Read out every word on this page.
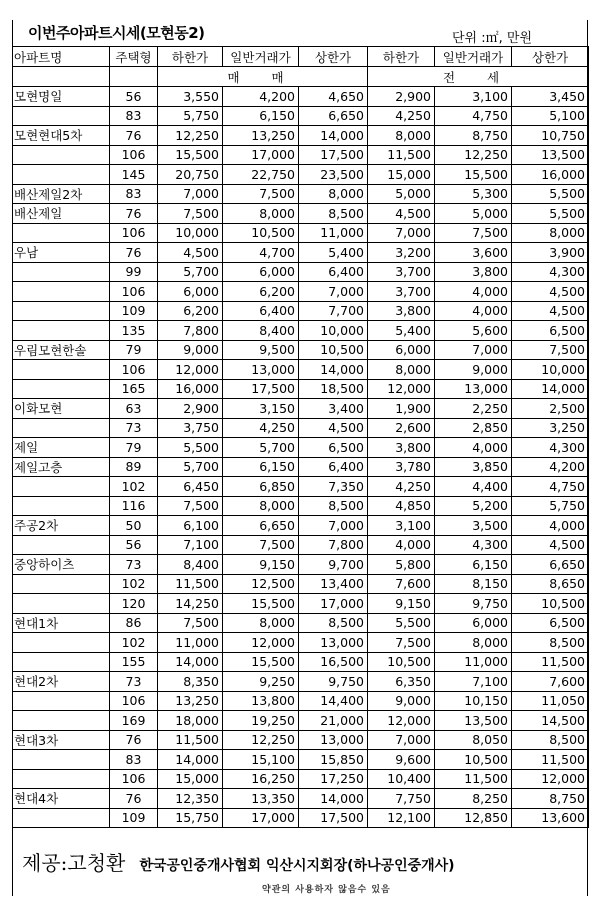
이번주아파트시세(모현동2)	단위 :㎡, 만원
아파트명	주택형	하한가	일반거래가	상한가	하한가	일반거래가	상한가
		매 매			전 세		
모현명일	56	3,550	4,200	4,650	2,900	3,100	3,450
	83	5,750	6,150	6,650	4,250	4,750	5,100
모현현대5차	76	12,250	13,250	14,000	8,000	8,750	10,750
	106	15,500	17,000	17,500	11,500	12,250	13,500
	145	20,750	22,750	23,500	15,000	15,500	16,000
배산제일2차	83	7,000	7,500	8,000	5,000	5,300	5,500
배산제일	76	7,500	8,000	8,500	4,500	5,000	5,500
	106	10,000	10,500	11,000	7,000	7,500	8,000
우남	76	4,500	4,700	5,400	3,200	3,600	3,900
	99	5,700	6,000	6,400	3,700	3,800	4,300
	106	6,000	6,200	7,000	3,700	4,000	4,500
	109	6,200	6,400	7,700	3,800	4,000	4,500
	135	7,800	8,400	10,000	5,400	5,600	6,500
우림모현한솔	79	9,000	9,500	10,500	6,000	7,000	7,500
	106	12,000	13,000	14,000	8,000	9,000	10,000
	165	16,000	17,500	18,500	12,000	13,000	14,000
이화모현	63	2,900	3,150	3,400	1,900	2,250	2,500
	73	3,750	4,250	4,500	2,600	2,850	3,250
제일	79	5,500	5,700	6,500	3,800	4,000	4,300
제일고층	89	5,700	6,150	6,400	3,780	3,850	4,200
	102	6,450	6,850	7,350	4,250	4,400	4,750
	116	7,500	8,000	8,500	4,850	5,200	5,750
주공2차	50	6,100	6,650	7,000	3,100	3,500	4,000
	56	7,100	7,500	7,800	4,000	4,300	4,500
중앙하이츠	73	8,400	9,150	9,700	5,800	6,150	6,650
	102	11,500	12,500	13,400	7,600	8,150	8,650
	120	14,250	15,500	17,000	9,150	9,750	10,500
현대1차	86	7,500	8,000	8,500	5,500	6,000	6,500
	102	11,000	12,000	13,000	7,500	8,000	8,500
	155	14,000	15,500	16,500	10,500	11,000	11,500
현대2차	73	8,350	9,250	9,750	6,350	7,100	7,600
	106	13,250	13,800	14,400	9,000	10,150	11,050
	169	18,000	19,250	21,000	12,000	13,500	14,500
현대3차	76	11,500	12,250	13,000	7,000	8,050	8,500
	83	14,000	15,100	15,850	9,600	10,500	11,500
	106	15,000	16,250	17,250	10,400	11,500	12,000
현대4차	76	12,350	13,350	14,000	7,750	8,250	8,750
	109	15,750	17,000	17,500	12,100	12,850	13,600
제공:고청환 한국공인중개사협회 익산시지회장(하나공인중개사)
약관의 사용하자 않음수 있음
